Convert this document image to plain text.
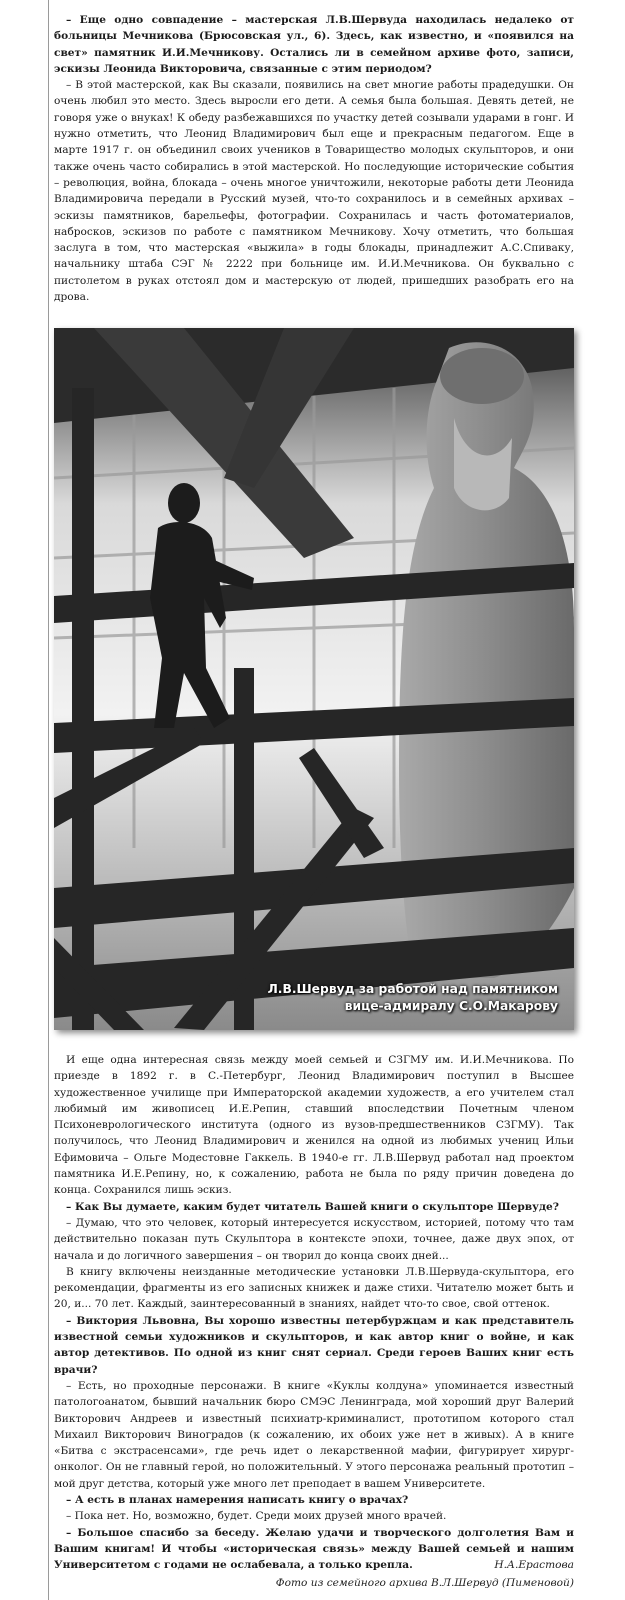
– Еще одно совпадение – мастерская Л.В.Шервуда находилась недалеко от больницы Мечникова (Брюсовская ул., 6). Здесь, как известно, и «появился на свет» памятник И.И.Мечникову. Остались ли в семейном архиве фото, записи, эскизы Леонида Викторовича, связанные с этим периодом?

– В этой мастерской, как Вы сказали, появились на свет многие работы прадедушки. Он очень любил это место. Здесь выросли его дети. А семья была большая. Девять детей, не говоря уже о внуках! К обеду разбежавшихся по участку детей созывали ударами в гонг. И нужно отметить, что Леонид Владимирович был еще и прекрасным педагогом. Еще в марте 1917 г. он объединил своих учеников в Товарищество молодых скульпторов, и они также очень часто собирались в этой мастерской. Но последующие исторические события – революция, война, блокада – очень многое уничтожили, некоторые работы дети Леонида Владимировича передали в Русский музей, что-то сохранилось и в семейных архивах – эскизы памятников, барельефы, фотографии. Сохранилась и часть фотоматериалов, набросков, эскизов по работе с памятником Мечникову. Хочу отметить, что большая заслуга в том, что мастерская «выжила» в годы блокады, принадлежит А.С.Спиваку, начальнику штаба СЭГ № 2222 при больнице им. И.И.Мечникова. Он буквально с пистолетом в руках отстоял дом и мастерскую от людей, пришедших разобрать его на дрова.

Л.В.Шервуд за работой над памятником
вице-адмиралу С.О.Макарову

И еще одна интересная связь между моей семьей и СЗГМУ им. И.И.Мечникова. По приезде в 1892 г. в С.-Петербург, Леонид Владимирович поступил в Высшее художественное училище при Императорской академии художеств, а его учителем стал любимый им живописец И.Е.Репин, ставший впоследствии Почетным членом Психоневрологического института (одного из вузов-предшественников СЗГМУ). Так получилось, что Леонид Владимирович и женился на одной из любимых учениц Ильи Ефимовича – Ольге Модестовне Гаккель. В 1940-е гг. Л.В.Шервуд работал над проектом памятника И.Е.Репину, но, к сожалению, работа не была по ряду причин доведена до конца. Сохранился лишь эскиз.

– Как Вы думаете, каким будет читатель Вашей книги о скульпторе Шервуде?

– Думаю, что это человек, который интересуется искусством, историей, потому что там действительно показан путь Скульптора в контексте эпохи, точнее, даже двух эпох, от начала и до логичного завершения – он творил до конца своих дней...

В книгу включены неизданные методические установки Л.В.Шервуда-скульптора, его рекомендации, фрагменты из его записных книжек и даже стихи. Читателю может быть и 20, и... 70 лет. Каждый, заинтересованный в знаниях, найдет что-то свое, свой оттенок.

– Виктория Львовна, Вы хорошо известны петербуржцам и как представитель известной семьи художников и скульпторов, и как автор книг о войне, и как автор детективов. По одной из книг снят сериал. Среди героев Ваших книг есть врачи?

– Есть, но проходные персонажи. В книге «Куклы колдуна» упоминается известный патологоанатом, бывший начальник бюро СМЭС Ленинграда, мой хороший друг Валерий Викторович Андреев и известный психиатр-криминалист, прототипом которого стал Михаил Викторович Виноградов (к сожалению, их обоих уже нет в живых). А в книге «Битва с экстрасенсами», где речь идет о лекарственной мафии, фигурирует хирург-онколог. Он не главный герой, но положительный. У этого персонажа реальный прототип – мой друг детства, который уже много лет преподает в вашем Университете.

– А есть в планах намерения написать книгу о врачах?

– Пока нет. Но, возможно, будет. Среди моих друзей много врачей.

– Большое спасибо за беседу. Желаю удачи и творческого долголетия Вам и Вашим книгам! И чтобы «историческая связь» между Вашей семьей и нашим Университетом с годами не ослабевала, а только крепла.	Н.А.Ерастова
Фото из семейного архива В.Л.Шервуд (Пименовой)
